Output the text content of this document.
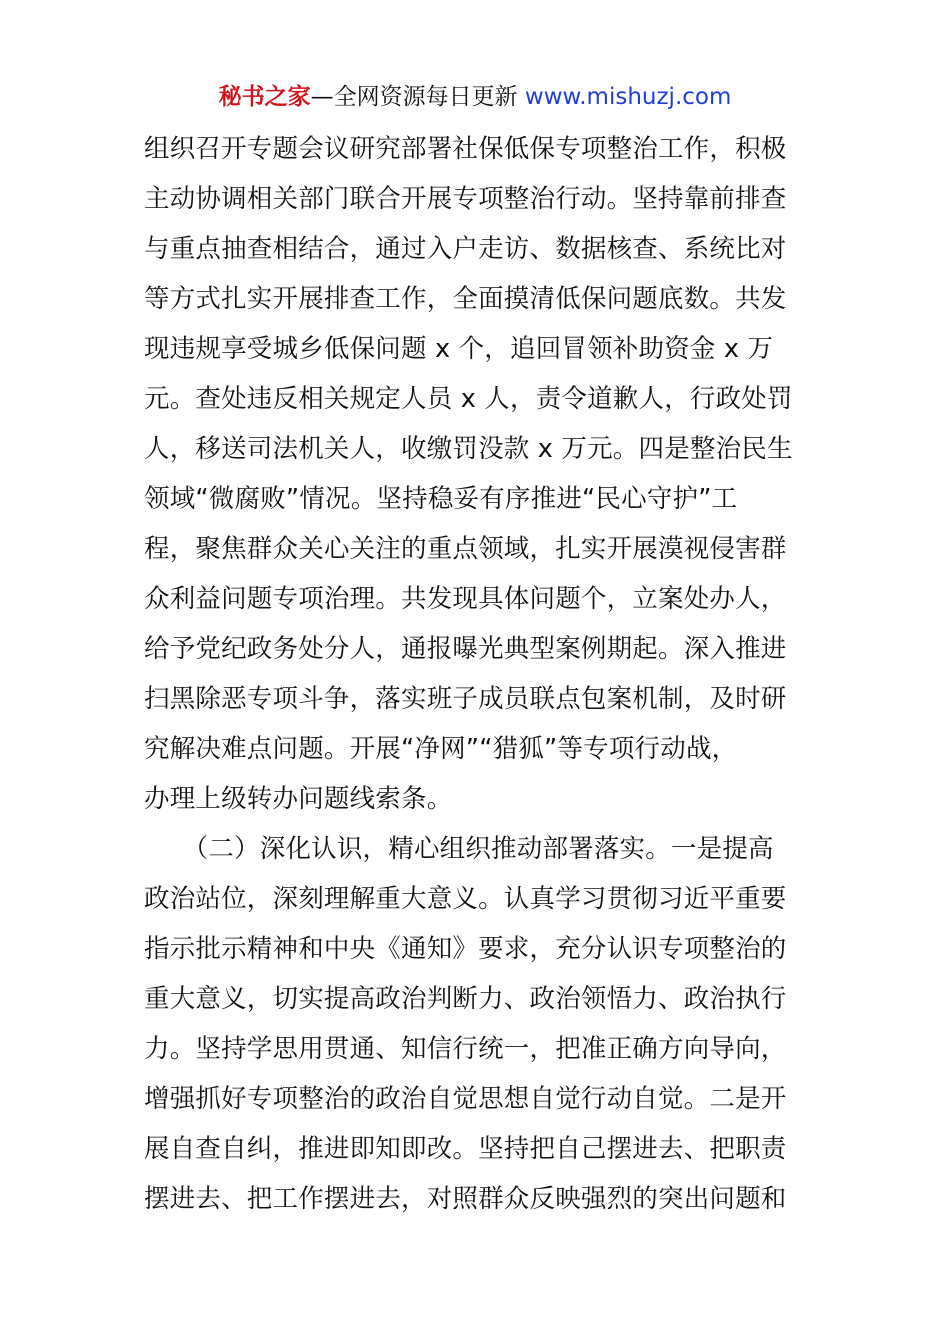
秘书之家—全网资源每日更新 www.mishuzj.com
组织召开专题会议研究部署社保低保专项整治工作，积极
主动协调相关部门联合开展专项整治行动。坚持靠前排查
与重点抽查相结合，通过入户走访、数据核查、系统比对
等方式扎实开展排查工作，全面摸清低保问题底数。共发
现违规享受城乡低保问题 x 个，追回冒领补助资金 x 万
元。查处违反相关规定人员 x 人，责令道歉人，行政处罚
人，移送司法机关人，收缴罚没款 x 万元。四是整治民生
领域“微腐败”情况。坚持稳妥有序推进“民心守护”工
程，聚焦群众关心关注的重点领域，扎实开展漠视侵害群
众利益问题专项治理。共发现具体问题个，立案处办人，
给予党纪政务处分人，通报曝光典型案例期起。深入推进
扫黑除恶专项斗争，落实班子成员联点包案机制，及时研
究解决难点问题。开展“净网”“猎狐”等专项行动战，
办理上级转办问题线索条。
　　（二）深化认识，精心组织推动部署落实。一是提高
政治站位，深刻理解重大意义。认真学习贯彻习近平重要
指示批示精神和中央《通知》要求，充分认识专项整治的
重大意义，切实提高政治判断力、政治领悟力、政治执行
力。坚持学思用贯通、知信行统一，把准正确方向导向，
增强抓好专项整治的政治自觉思想自觉行动自觉。二是开
展自查自纠，推进即知即改。坚持把自己摆进去、把职责
摆进去、把工作摆进去，对照群众反映强烈的突出问题和
